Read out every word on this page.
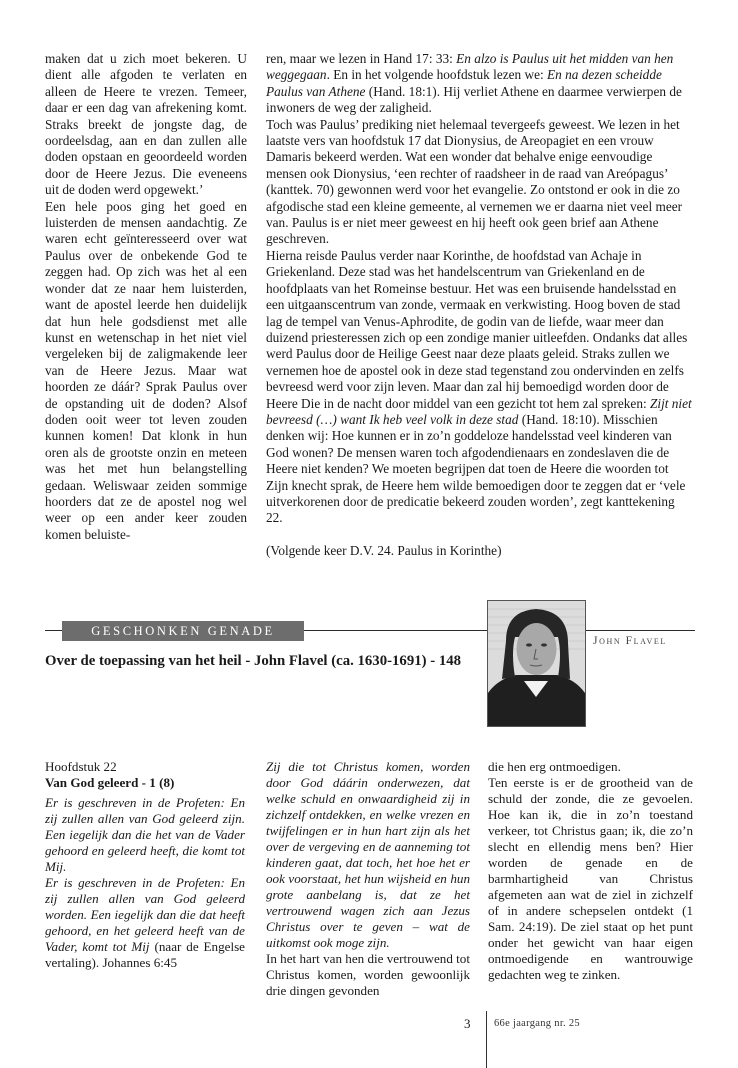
maken dat u zich moet bekeren. U dient alle afgoden te verlaten en alleen de Heere te vrezen. Temeer, daar er een dag van afrekening komt. Straks breekt de jongste dag, de oordeelsdag, aan en dan zullen alle doden opstaan en geoordeeld worden door de Heere Jezus. Die eveneens uit de doden werd opgewekt.’

Een hele poos ging het goed en luisterden de mensen aandachtig. Ze waren echt geïnteresseerd over wat Paulus over de onbekende God te zeggen had. Op zich was het al een wonder dat ze naar hem luisterden, want de apostel leerde hen duidelijk dat hun hele godsdienst met alle kunst en wetenschap in het niet viel vergeleken bij de zaligmakende leer van de Heere Jezus. Maar wat hoorden ze dáár? Sprak Paulus over de opstanding uit de doden? Alsof doden ooit weer tot leven zouden kunnen komen! Dat klonk in hun oren als de grootste onzin en meteen was het met hun belangstelling gedaan. Weliswaar zeiden sommige hoorders dat ze de apostel nog wel weer op een ander keer zouden komen beluiste-

ren, maar we lezen in Hand 17: 33: En alzo is Paulus uit het midden van hen weggegaan. En in het volgende hoofdstuk lezen we: En na dezen scheidde Paulus van Athene (Hand. 18:1). Hij verliet Athene en daarmee verwierpen de inwoners de weg der zaligheid.

Toch was Paulus’ prediking niet helemaal tevergeefs geweest. We lezen in het laatste vers van hoofdstuk 17 dat Dionysius, de Areopagiet en een vrouw Damaris bekeerd werden. Wat een wonder dat behalve enige eenvoudige mensen ook Dionysius, ‘een rechter of raadsheer in de raad van Areópagus’ (kanttek. 70) gewonnen werd voor het evangelie. Zo ontstond er ook in die zo afgodische stad een kleine gemeente, al vernemen we er daarna niet veel meer van. Paulus is er niet meer geweest en hij heeft ook geen brief aan Athene geschreven.

Hierna reisde Paulus verder naar Korinthe, de hoofdstad van Achaje in Griekenland. Deze stad was het handelscentrum van Griekenland en de hoofdplaats van het Romeinse bestuur. Het was een bruisende handelsstad en een uitgaanscentrum van zonde, vermaak en verkwisting. Hoog boven de stad lag de tempel van Venus-Aphrodite, de godin van de liefde, waar meer dan duizend priesteressen zich op een zondige manier uitleefden. Ondanks dat alles werd Paulus door de Heilige Geest naar deze plaats geleid. Straks zullen we vernemen hoe de apostel ook in deze stad tegenstand zou ondervinden en zelfs bevreesd werd voor zijn leven. Maar dan zal hij bemoedigd worden door de Heere Die in de nacht door middel van een gezicht tot hem zal spreken: Zijt niet bevreesd (…) want Ik heb veel volk in deze stad (Hand. 18:10). Misschien denken wij: Hoe kunnen er in zo’n goddeloze handelsstad veel kinderen van God wonen? De mensen waren toch afgodendienaars en zondeslaven die de Heere niet kenden? We moeten begrijpen dat toen de Heere die woorden tot Zijn knecht sprak, de Heere hem wilde bemoedigen door te zeggen dat er ‘vele uitverkorenen door de predicatie bekeerd zouden worden’, zegt kanttekening 22.

(Volgende keer D.V. 24. Paulus in Korinthe)

GESCHONKEN GENADE
John Flavel
Over de toepassing van het heil - John Flavel (ca. 1630-1691) - 148

Hoofdstuk 22

Van God geleerd - 1 (8)

Er is geschreven in de Profeten: En zij zullen allen van God geleerd zijn. Een iegelijk dan die het van de Vader gehoord en geleerd heeft, die komt tot Mij.

Er is geschreven in de Profeten: En zij zullen allen van God geleerd worden. Een iegelijk dan die dat heeft gehoord, en het geleerd heeft van de Vader, komt tot Mij (naar de Engelse vertaling). Johannes 6:45

Zij die tot Christus komen, worden door God dáárin onderwezen, dat welke schuld en onwaardigheid zij in zichzelf ontdekken, en welke vrezen en twijfelingen er in hun hart zijn als het over de vergeving en de aanneming tot kinderen gaat, dat toch, het hoe het er ook voorstaat, het hun wijsheid en hun grote aanbelang is, dat ze het vertrouwend wagen zich aan Jezus Christus over te geven – wat de uitkomst ook moge zijn.

In het hart van hen die vertrouwend tot Christus komen, worden gewoonlijk drie dingen gevonden

die hen erg ontmoedigen.

Ten eerste is er de grootheid van de schuld der zonde, die ze gevoelen. Hoe kan ik, die in zo’n toestand verkeer, tot Christus gaan; ik, die zo’n slecht en ellendig mens ben? Hier worden de genade en de barmhartigheid van Christus afgemeten aan wat de ziel in zichzelf of in andere schepselen ontdekt (1 Sam. 24:19). De ziel staat op het punt onder het gewicht van haar eigen ontmoedigende en wantrouwige gedachten weg te zinken.

3 66e jaargang nr. 25
